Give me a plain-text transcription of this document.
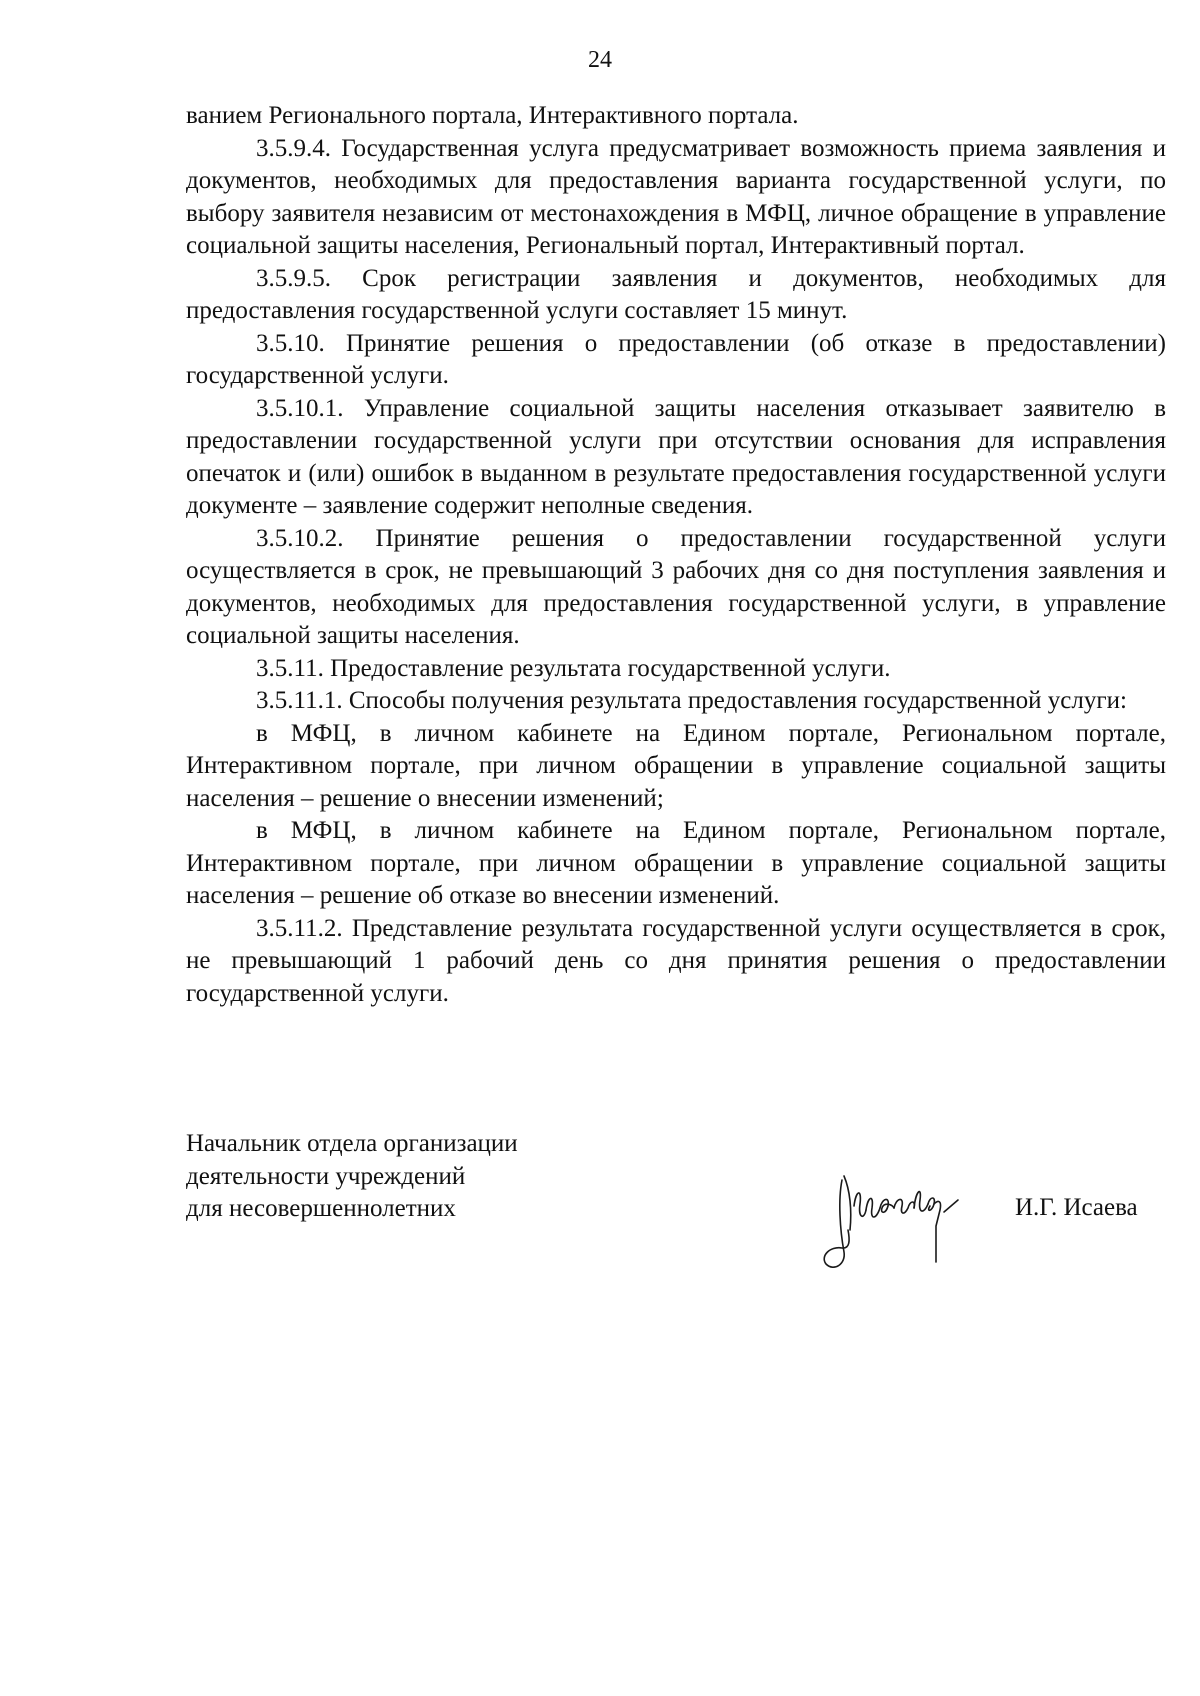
24

ванием Регионального портала, Интерактивного портала.

3.5.9.4. Государственная услуга предусматривает возможность приема заявления и документов, необходимых для предоставления варианта государственной услуги, по выбору заявителя независим от местонахождения в МФЦ, личное обращение в управление социальной защиты населения, Региональный портал, Интерактивный портал.

3.5.9.5. Срок регистрации заявления и документов, необходимых для предоставления государственной услуги составляет 15 минут.

3.5.10. Принятие решения о предоставлении (об отказе в предоставлении) государственной услуги.

3.5.10.1. Управление социальной защиты населения отказывает заявителю в предоставлении государственной услуги при отсутствии основания для исправления опечаток и (или) ошибок в выданном в результате предоставления государственной услуги документе – заявление содержит неполные сведения.

3.5.10.2. Принятие решения о предоставлении государственной услуги осуществляется в срок, не превышающий 3 рабочих дня со дня поступления заявления и документов, необходимых для предоставления государственной услуги, в управление социальной защиты населения.

3.5.11. Предоставление результата государственной услуги.

3.5.11.1. Способы получения результата предоставления государственной услуги:

в МФЦ, в личном кабинете на Едином портале, Региональном портале, Интерактивном портале, при личном обращении в управление социальной защиты населения – решение о внесении изменений;

в МФЦ, в личном кабинете на Едином портале, Региональном портале, Интерактивном портале, при личном обращении в управление социальной защиты населения – решение об отказе во внесении изменений.

3.5.11.2. Представление результата государственной услуги осуществляется в срок, не превышающий 1 рабочий день со дня принятия решения о предоставлении государственной услуги.

Начальник отдела организации
деятельности учреждений
для несовершеннолетних	И.Г. Исаева
